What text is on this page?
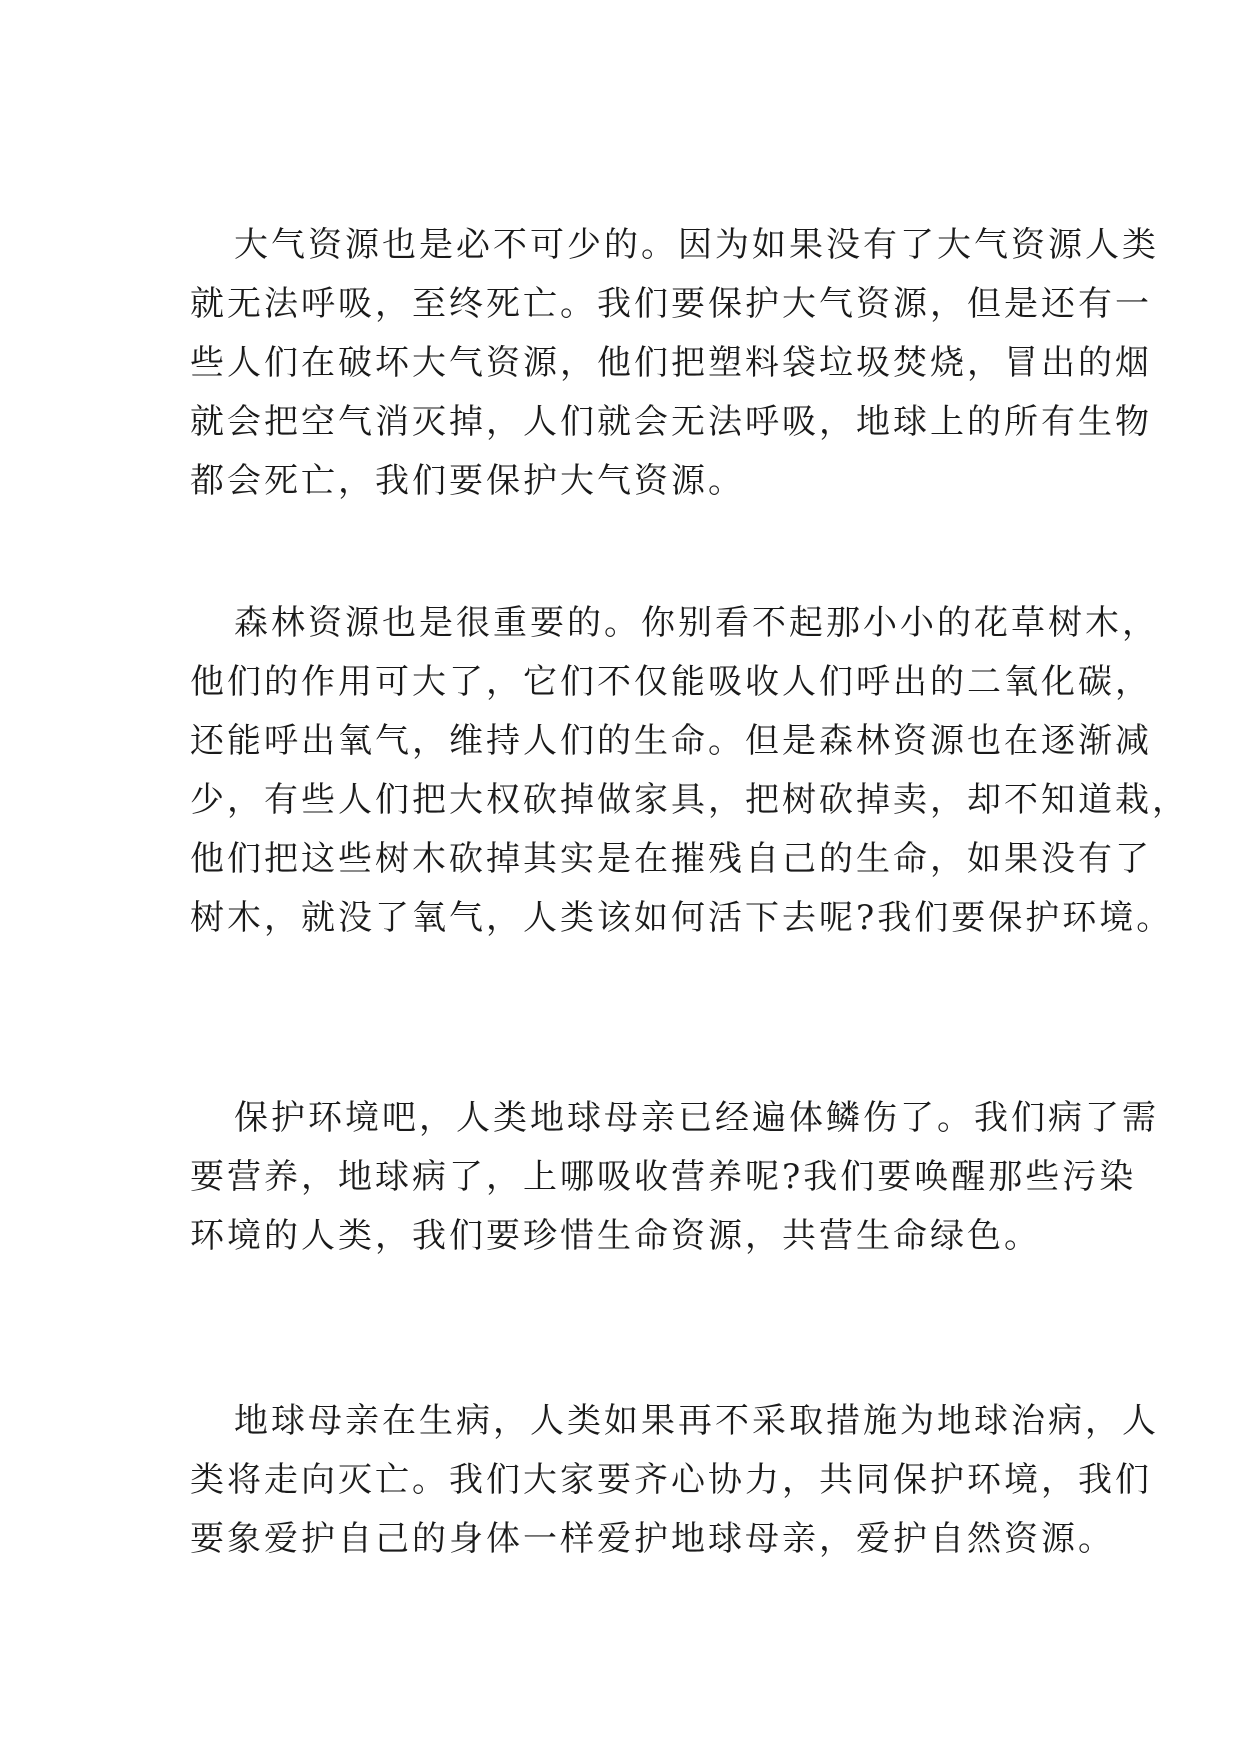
大气资源也是必不可少的。因为如果没有了大气资源人类
就无法呼吸，至终死亡。我们要保护大气资源，但是还有一
些人们在破坏大气资源，他们把塑料袋垃圾焚烧，冒出的烟
就会把空气消灭掉，人们就会无法呼吸，地球上的所有生物
都会死亡，我们要保护大气资源。
森林资源也是很重要的。你别看不起那小小的花草树木，
他们的作用可大了，它们不仅能吸收人们呼出的二氧化碳，
还能呼出氧气，维持人们的生命。但是森林资源也在逐渐减
少，有些人们把大权砍掉做家具，把树砍掉卖，却不知道栽，
他们把这些树木砍掉其实是在摧残自己的生命，如果没有了
树木，就没了氧气，人类该如何活下去呢?我们要保护环境。
保护环境吧，人类地球母亲已经遍体鳞伤了。我们病了需
要营养，地球病了，上哪吸收营养呢?我们要唤醒那些污染
环境的人类，我们要珍惜生命资源，共营生命绿色。
地球母亲在生病，人类如果再不采取措施为地球治病，人
类将走向灭亡。我们大家要齐心协力，共同保护环境，我们
要象爱护自己的身体一样爱护地球母亲，爱护自然资源。
